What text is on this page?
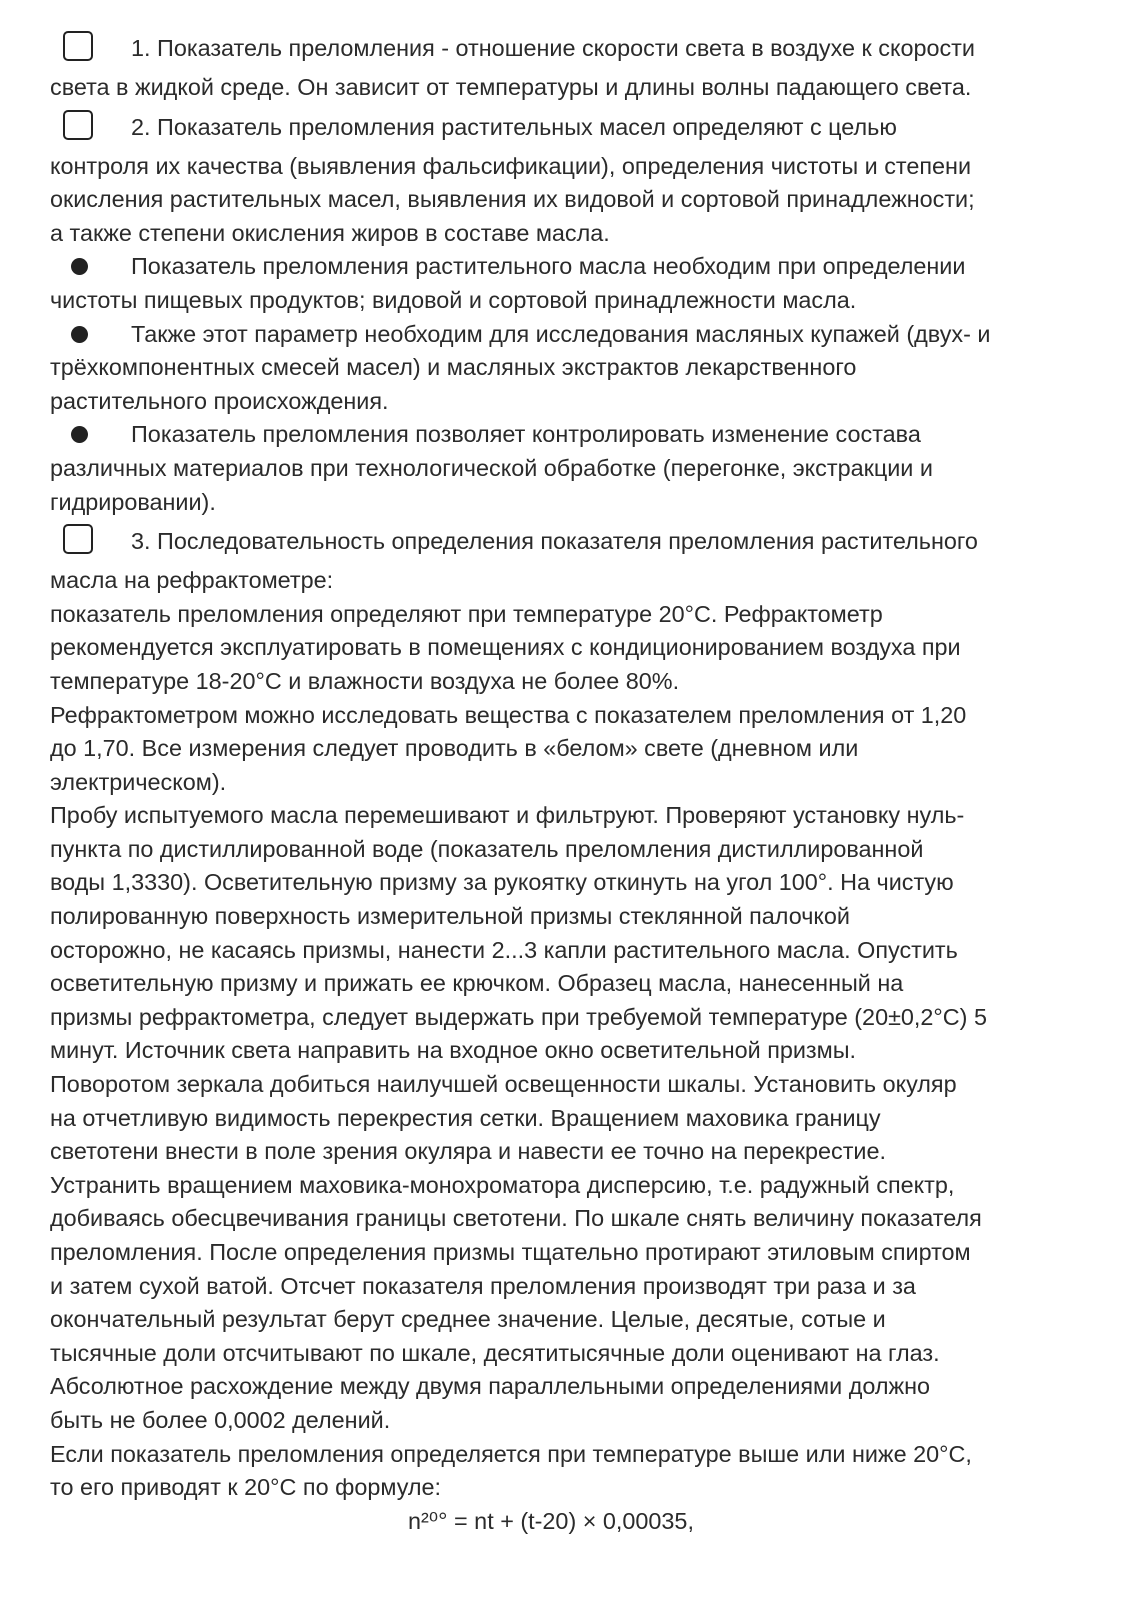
1. Показатель преломления - отношение скорости света в воздухе к скорости
света в жидкой среде. Он зависит от температуры и длины волны падающего света.
2. Показатель преломления растительных масел определяют с целью
контроля их качества (выявления фальсификации), определения чистоты и степени
окисления растительных масел, выявления их видовой и сортовой принадлежности;
а также степени окисления жиров в составе масла.
Показатель преломления растительного масла необходим при определении
чистоты пищевых продуктов; видовой и сортовой принадлежности масла.
Также этот параметр необходим для исследования масляных купажей (двух- и
трёхкомпонентных смесей масел) и масляных экстрактов лекарственного
растительного происхождения.
Показатель преломления позволяет контролировать изменение состава
различных материалов при технологической обработке (перегонке, экстракции и
гидрировании).
3. Последовательность определения показателя преломления растительного
масла на рефрактометре:
показатель преломления определяют при температуре 20°С. Рефрактометр
рекомендуется эксплуатировать в помещениях с кондиционированием воздуха при
температуре 18-20°С и влажности воздуха не более 80%.
Рефрактометром можно исследовать вещества с показателем преломления от 1,20
до 1,70. Все измерения следует проводить в «белом» свете (дневном или
электрическом).
Пробу испытуемого масла перемешивают и фильтруют. Проверяют установку нуль-
пункта по дистиллированной воде (показатель преломления дистиллированной
воды 1,3330). Осветительную призму за рукоятку откинуть на угол 100°. На чистую
полированную поверхность измерительной призмы стеклянной палочкой
осторожно, не касаясь призмы, нанести 2...3 капли растительного масла. Опустить
осветительную призму и прижать ее крючком. Образец масла, нанесенный на
призмы рефрактометра, следует выдержать при требуемой температуре (20±0,2°С) 5
минут. Источник света направить на входное окно осветительной призмы.
Поворотом зеркала добиться наилучшей освещенности шкалы. Установить окуляр
на отчетливую видимость перекрестия сетки. Вращением маховика границу
светотени внести в поле зрения окуляра и навести ее точно на перекрестие.
Устранить вращением маховика-монохроматора дисперсию, т.е. радужный спектр,
добиваясь обесцвечивания границы светотени. По шкале снять величину показателя
преломления. После определения призмы тщательно протирают этиловым спиртом
и затем сухой ватой. Отсчет показателя преломления производят три раза и за
окончательный результат берут среднее значение. Целые, десятые, сотые и
тысячные доли отсчитывают по шкале, десятитысячные доли оценивают на глаз.
Абсолютное расхождение между двумя параллельными определениями должно
быть не более 0,0002 делений.
Если показатель преломления определяется при температуре выше или ниже 20°С,
то его приводят к 20°С по формуле:
n²⁰° = nt + (t-20) × 0,00035,
